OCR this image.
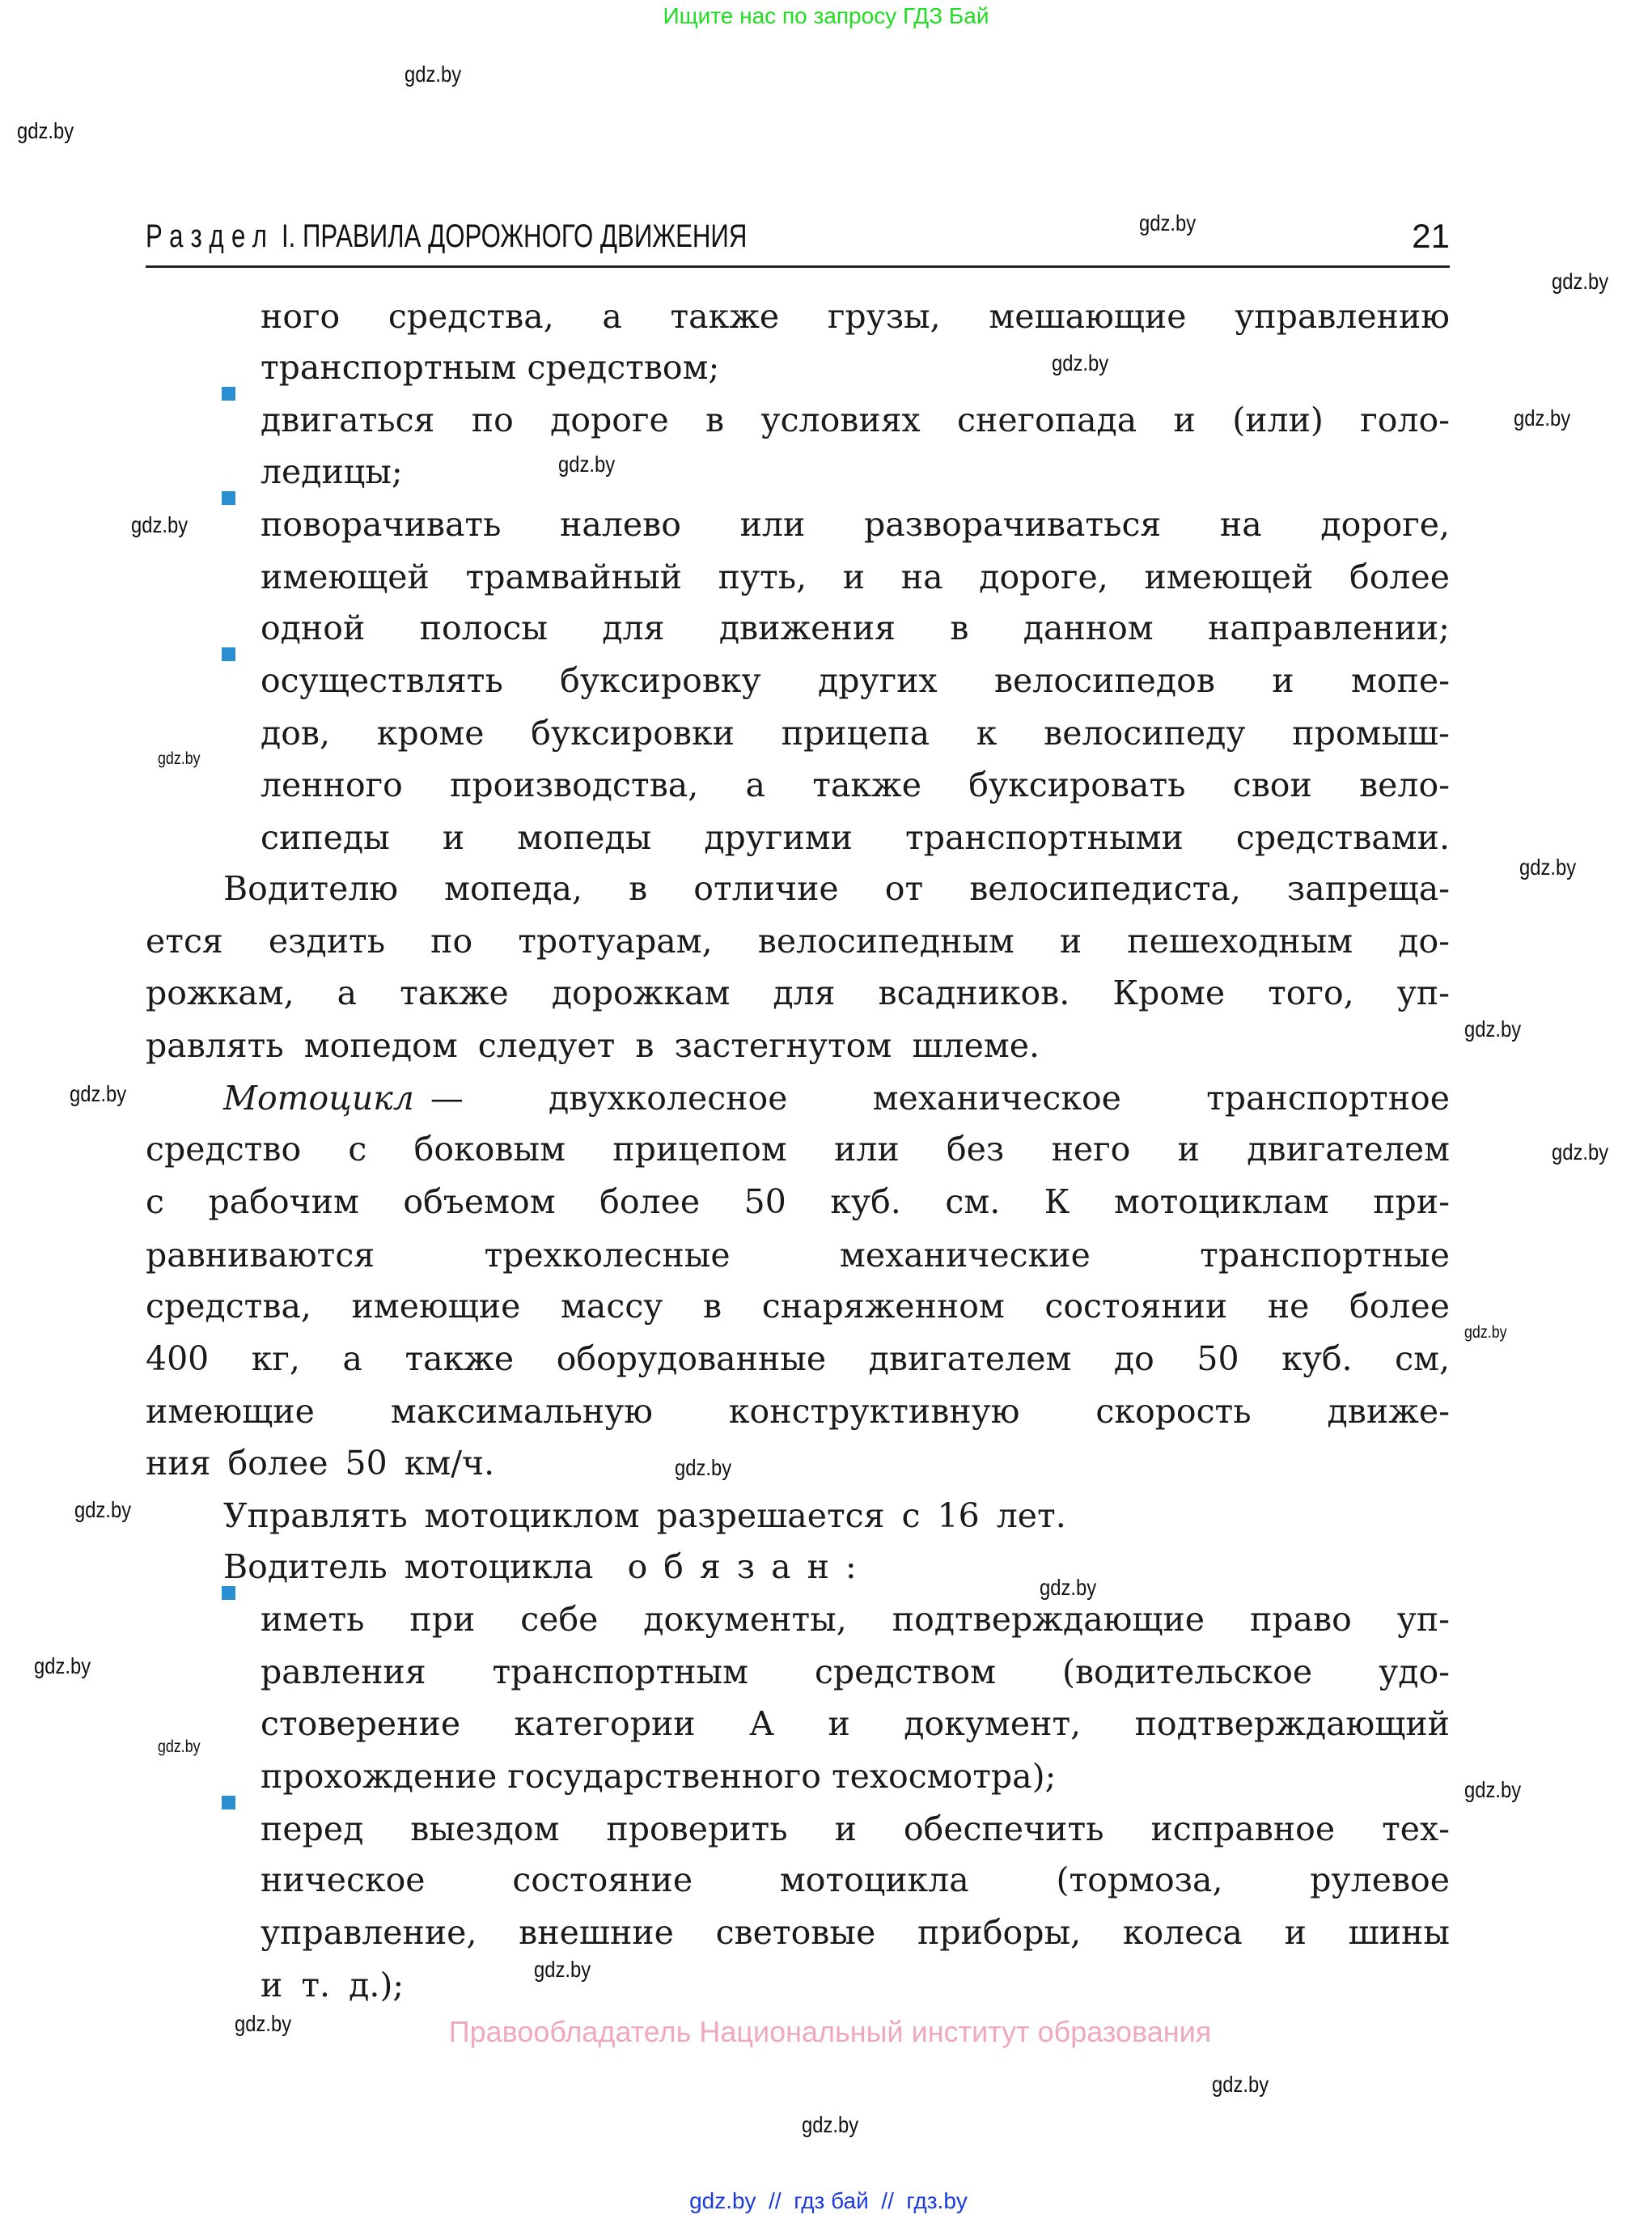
Ищите нас по запросу ГДЗ Бай
Раздел I. ПРАВИЛА ДОРОЖНОГО ДВИЖЕНИЯ	21
ного средства, а также грузы, мешающие управлению
транспортным средством;
двигаться по дороге в условиях снегопада и (или) голо-
ледицы;
поворачивать налево или разворачиваться на дороге,
имеющей трамвайный путь, и на дороге, имеющей более
одной полосы для движения в данном направлении;
осуществлять буксировку других велосипедов и мопе-
дов, кроме буксировки прицепа к велосипеду промыш-
ленного производства, а также буксировать свои вело-
сипеды и мопеды другими транспортными средствами.
Водителю мопеда, в отличие от велосипедиста, запреща-
ется ездить по тротуарам, велосипедным и пешеходным до-
рожкам, а также дорожкам для всадников. Кроме того, уп-
равлять мопедом следует в застегнутом шлеме.
Мотоцикл — двухколесное механическое транспортное
средство с боковым прицепом или без него и двигателем
с рабочим объемом более 50 куб. см. К мотоциклам при-
равниваются трехколесные механические транспортные
средства, имеющие массу в снаряженном состоянии не более
400 кг, а также оборудованные двигателем до 50 куб. см,
имеющие максимальную конструктивную скорость движе-
ния более 50 км/ч.
Управлять мотоциклом разрешается с 16 лет.
Водитель мотоцикла обязан:
иметь при себе документы, подтверждающие право уп-
равления транспортным средством (водительское удо-
стоверение категории А и документ, подтверждающий
прохождение государственного техосмотра);
перед выездом проверить и обеспечить исправное тех-
ническое состояние мотоцикла (тормоза, рулевое
управление, внешние световые приборы, колеса и шины
и т. д.);
gdz.by
gdz.by
gdz.by
gdz.by
gdz.by
gdz.by
gdz.by
gdz.by
gdz.by
gdz.by
gdz.by
gdz.by
gdz.by
gdz.by
gdz.by
gdz.by
gdz.by
gdz.by
gdz.by
gdz.by
gdz.by
gdz.by
gdz.by
gdz.by
Правообладатель Национальный институт образования
gdz.by  //  гдз бай  //  гдз.by
